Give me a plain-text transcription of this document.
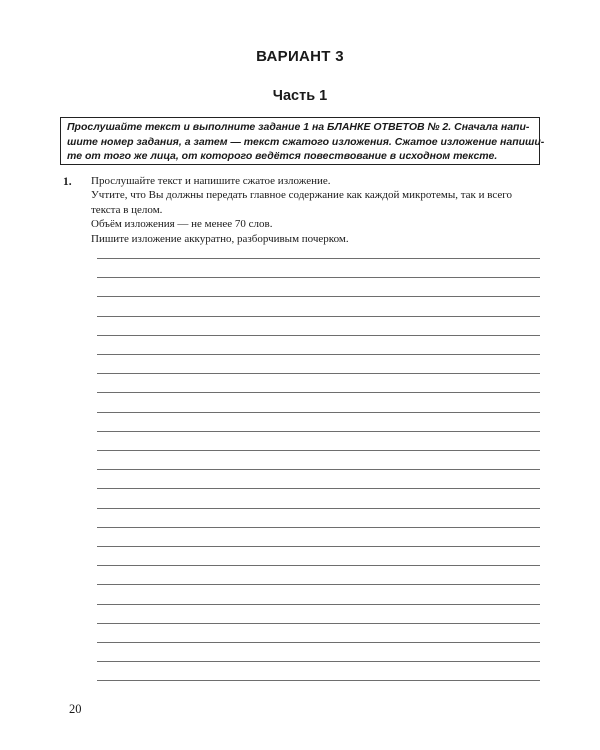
ВАРИАНТ 3
Часть 1
Прослушайте текст и выполните задание 1 на БЛАНКЕ ОТВЕТОВ № 2. Сначала напи-
шите номер задания, а затем — текст сжатого изложения. Сжатое изложение напиши-
те от того же лица, от которого ведётся повествование в исходном тексте.
1. Прослушайте текст и напишите сжатое изложение.
Учтите, что Вы должны передать главное содержание как каждой микротемы, так и всего
текста в целом.
Объём изложения — не менее 70 слов.
Пишите изложение аккуратно, разборчивым почерком.
20
